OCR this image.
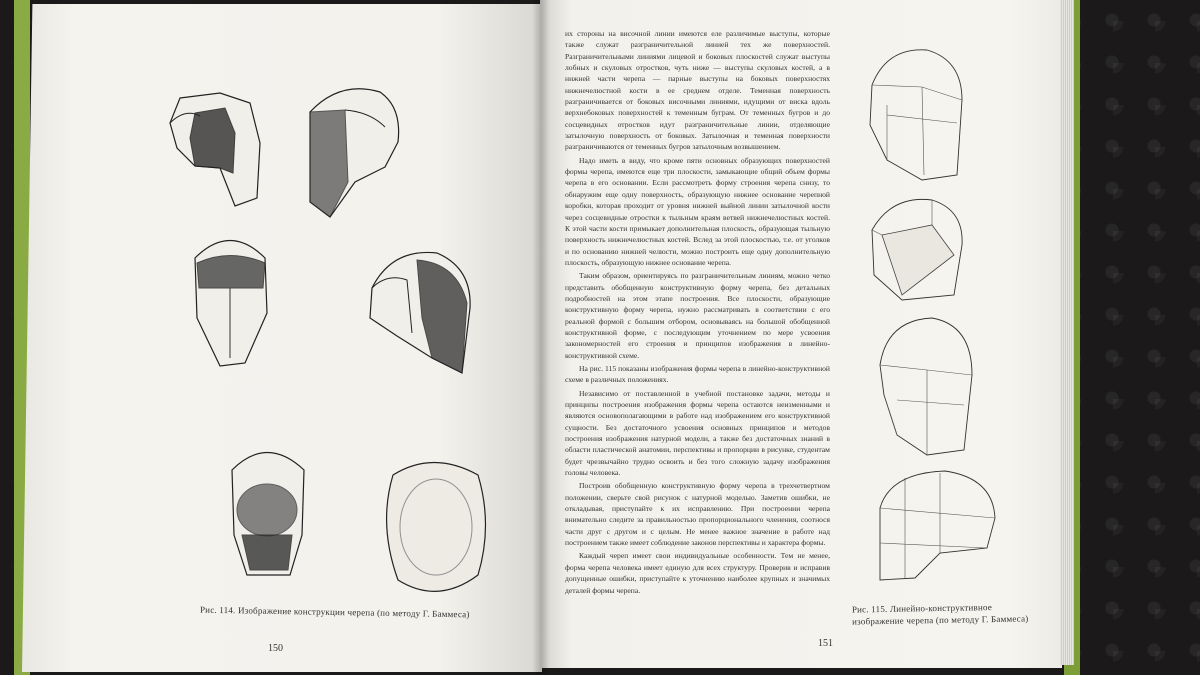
Рис. 114. Изображение конструкции черепа (по методу Г. Баммеса)
150

их стороны на височной линии имеются еле различимые выступы, которые также служат разграничительной линией тех же поверхностей. Разграничительными линиями лицевой и боковых плоскостей служат выступы лобных и скуловых отростков, чуть ниже — выступы скуловых костей, а в нижней части черепа — парные выступы на боковых поверхностях нижнечелюстной кости в ее среднем отделе. Теменная поверхность разграничивается от боковых височными линиями, идущими от виска вдоль верхнебоковых поверхностей к теменным буграм. От теменных бугров и до сосцевидных отростков идут разграничительные линии, отделяющие затылочную поверхность от боковых. Затылочная и теменная поверхности разграничиваются от теменных бугров затылочным возвышением.

Надо иметь в виду, что кроме пяти основных образующих поверхностей формы черепа, имеются еще три плоскости, замыкающие общий объем формы черепа в его основании. Если рассмотреть форму строения черепа снизу, то обнаружим еще одну поверхность, образующую нижнее основание черепной коробки, которая проходит от уровня нижней выйной линии затылочной кости через сосцевидные отростки к тыльным краям ветвей нижнечелюстных костей. К этой части кости примыкает дополнительная плоскость, образующая тыльную поверхность нижнечелюстных костей. Вслед за этой плоскостью, т.е. от уголков и по основанию нижней челюсти, можно построить еще одну дополнительную плоскость, образующую нижнее основание черепа.

Таким образом, ориентируясь по разграничительным линиям, можно четко представить обобщенную конструктивную форму черепа, без детальных подробностей на этом этапе построения. Все плоскости, образующие конструктивную форму черепа, нужно рассматривать в соответствии с его реальной формой с большим отбором, основываясь на большой обобщенной конструктивной форме, с последующим уточнением по мере усвоения закономерностей его строения и принципов изображения в линейно-конструктивной схеме.

На рис. 115 показаны изображения формы черепа в линейно-конструктивной схеме в различных положениях.

Независимо от поставленной в учебной постановке задачи, методы и принципы построения изображения формы черепа остаются неизменными и являются основополагающими в работе над изображением его конструктивной сущности. Без достаточного усвоения основных принципов и методов построения изображения натурной модели, а также без достаточных знаний в области пластической анатомии, перспективы и пропорции в рисунке, студентам будет чрезвычайно трудно освоить и без того сложную задачу изображения головы человека.

Построив обобщенную конструктивную форму черепа в трехчетвертном положении, сверьте свой рисунок с натурной моделью. Заметив ошибки, не откладывая, приступайте к их исправлению. При построении черепа внимательно следите за правильностью пропорционального членения, соотнося части друг с другом и с целым. Не менее важное значение в работе над построением также имеет соблюдение законов перспективы и характера формы.

Каждый череп имеет свои индивидуальные особенности. Тем не менее, форма черепа человека имеет единую для всех структуру. Проверив и исправив допущенные ошибки, приступайте к уточнению наиболее крупных и значимых деталей формы черепа.

Рис. 115. Линейно-конструктивное
изображение черепа (по методу Г. Баммеса)
151
